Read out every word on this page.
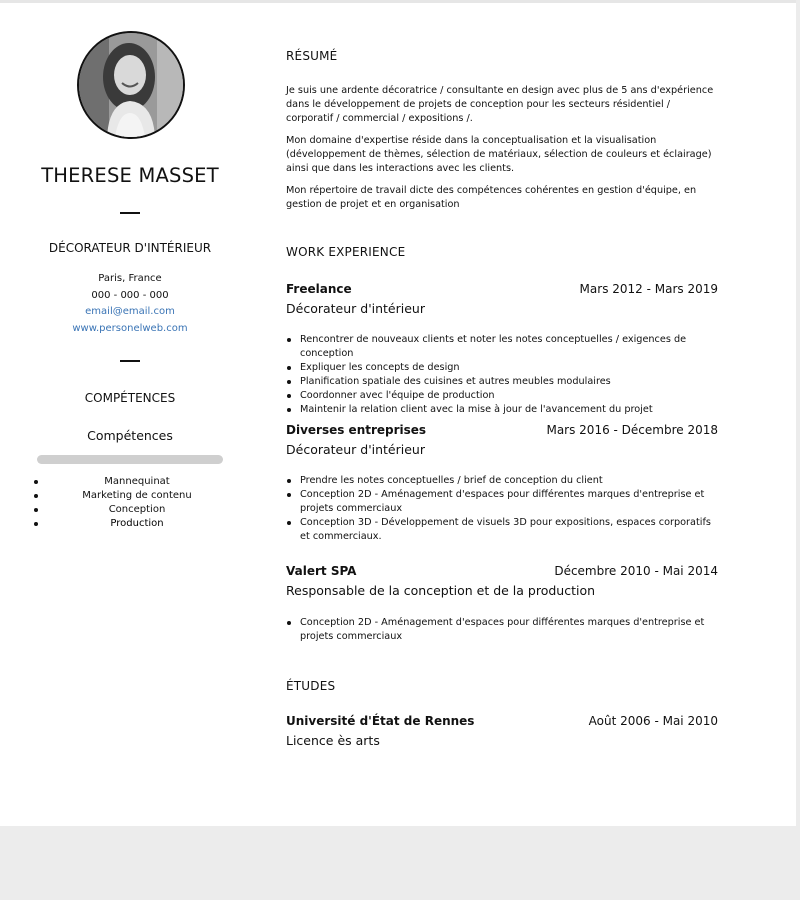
THERESE MASSET
DÉCORATEUR D'INTÉRIEUR
Paris, France
000 - 000 - 000
email@email.com
www.personelweb.com
COMPÉTENCES
Compétences
Mannequinat
Marketing de contenu
Conception
Production
RÉSUMÉ
Je suis une ardente décoratrice / consultante en design avec plus de 5 ans d'expérience dans le développement de projets de conception pour les secteurs résidentiel / corporatif / commercial / expositions /.
Mon domaine d'expertise réside dans la conceptualisation et la visualisation (développement de thèmes, sélection de matériaux, sélection de couleurs et éclairage) ainsi que dans les interactions avec les clients.
Mon répertoire de travail dicte des compétences cohérentes en gestion d'équipe, en gestion de projet et en organisation
WORK EXPERIENCE
Freelance	Mars 2012 - Mars 2019
Décorateur d'intérieur
Rencontrer de nouveaux clients et noter les notes conceptuelles / exigences de conception
Expliquer les concepts de design
Planification spatiale des cuisines et autres meubles modulaires
Coordonner avec l'équipe de production
Maintenir la relation client avec la mise à jour de l'avancement du projet
Diverses entreprises	Mars 2016 - Décembre 2018
Décorateur d'intérieur
Prendre les notes conceptuelles / brief de conception du client
Conception 2D - Aménagement d'espaces pour différentes marques d'entreprise et projets commerciaux
Conception 3D - Développement de visuels 3D pour expositions, espaces corporatifs et commerciaux.
Valert SPA	Décembre 2010 - Mai 2014
Responsable de la conception et de la production
Conception 2D - Aménagement d'espaces pour différentes marques d'entreprise et projets commerciaux
ÉTUDES
Université d'État de Rennes	Août 2006 - Mai 2010
Licence ès arts
